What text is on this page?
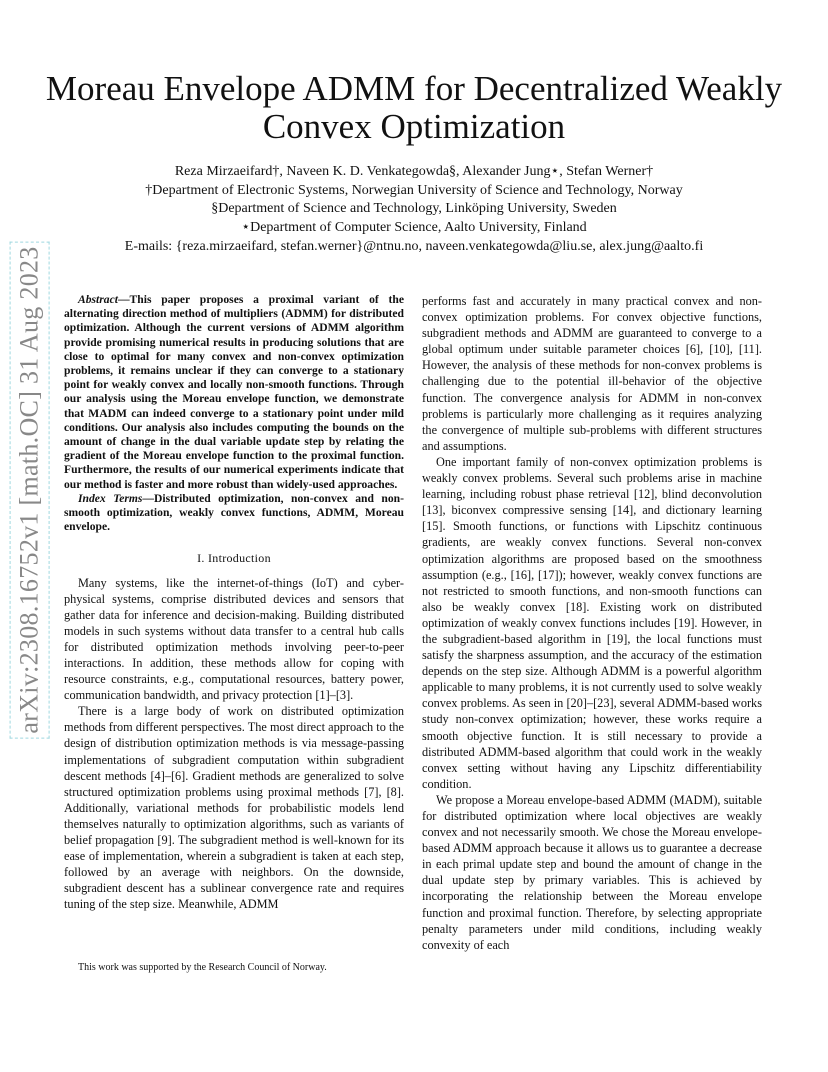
arXiv:2308.16752v1 [math.OC] 31 Aug 2023
Moreau Envelope ADMM for Decentralized Weakly
Convex Optimization
Reza Mirzaeifard†, Naveen K. D. Venkategowda§, Alexander Jung⋆, Stefan Werner†
†Department of Electronic Systems, Norwegian University of Science and Technology, Norway
§Department of Science and Technology, Linköping University, Sweden
⋆Department of Computer Science, Aalto University, Finland
E-mails: {reza.mirzaeifard, stefan.werner}@ntnu.no, naveen.venkategowda@liu.se, alex.jung@aalto.fi

Abstract—This paper proposes a proximal variant of the alternating direction method of multipliers (ADMM) for distributed optimization. Although the current versions of ADMM algorithm provide promising numerical results in producing solutions that are close to optimal for many convex and non-convex optimization problems, it remains unclear if they can converge to a stationary point for weakly convex and locally non-smooth functions. Through our analysis using the Moreau envelope function, we demonstrate that MADM can indeed converge to a stationary point under mild conditions. Our analysis also includes computing the bounds on the amount of change in the dual variable update step by relating the gradient of the Moreau envelope function to the proximal function. Furthermore, the results of our numerical experiments indicate that our method is faster and more robust than widely-used approaches.

Index Terms—Distributed optimization, non-convex and non-smooth optimization, weakly convex functions, ADMM, Moreau envelope.

I. Introduction

Many systems, like the internet-of-things (IoT) and cyber-physical systems, comprise distributed devices and sensors that gather data for inference and decision-making. Building distributed models in such systems without data transfer to a central hub calls for distributed optimization methods involving peer-to-peer interactions. In addition, these methods allow for coping with resource constraints, e.g., computational resources, battery power, communication bandwidth, and privacy protection [1]–[3].

There is a large body of work on distributed optimization methods from different perspectives. The most direct approach to the design of distribution optimization methods is via message-passing implementations of subgradient computation within subgradient descent methods [4]–[6]. Gradient methods are generalized to solve structured optimization problems using proximal methods [7], [8]. Additionally, variational methods for probabilistic models lend themselves naturally to optimization algorithms, such as variants of belief propagation [9]. The subgradient method is well-known for its ease of implementation, wherein a subgradient is taken at each step, followed by an average with neighbors. On the downside, subgradient descent has a sublinear convergence rate and requires tuning of the step size. Meanwhile, ADMM

This work was supported by the Research Council of Norway.

performs fast and accurately in many practical convex and non-convex optimization problems. For convex objective functions, subgradient methods and ADMM are guaranteed to converge to a global optimum under suitable parameter choices [6], [10], [11]. However, the analysis of these methods for non-convex problems is challenging due to the potential ill-behavior of the objective function. The convergence analysis for ADMM in non-convex problems is particularly more challenging as it requires analyzing the convergence of multiple sub-problems with different structures and assumptions.

One important family of non-convex optimization problems is weakly convex problems. Several such problems arise in machine learning, including robust phase retrieval [12], blind deconvolution [13], biconvex compressive sensing [14], and dictionary learning [15]. Smooth functions, or functions with Lipschitz continuous gradients, are weakly convex functions. Several non-convex optimization algorithms are proposed based on the smoothness assumption (e.g., [16], [17]); however, weakly convex functions are not restricted to smooth functions, and non-smooth functions can also be weakly convex [18]. Existing work on distributed optimization of weakly convex functions includes [19]. However, in the subgradient-based algorithm in [19], the local functions must satisfy the sharpness assumption, and the accuracy of the estimation depends on the step size. Although ADMM is a powerful algorithm applicable to many problems, it is not currently used to solve weakly convex problems. As seen in [20]–[23], several ADMM-based works study non-convex optimization; however, these works require a smooth objective function. It is still necessary to provide a distributed ADMM-based algorithm that could work in the weakly convex setting without having any Lipschitz differentiability condition.

We propose a Moreau envelope-based ADMM (MADM), suitable for distributed optimization where local objectives are weakly convex and not necessarily smooth. We chose the Moreau envelope-based ADMM approach because it allows us to guarantee a decrease in each primal update step and bound the amount of change in the dual update step by primary variables. This is achieved by incorporating the relationship between the Moreau envelope function and proximal function. Therefore, by selecting appropriate penalty parameters under mild conditions, including weakly convexity of each
